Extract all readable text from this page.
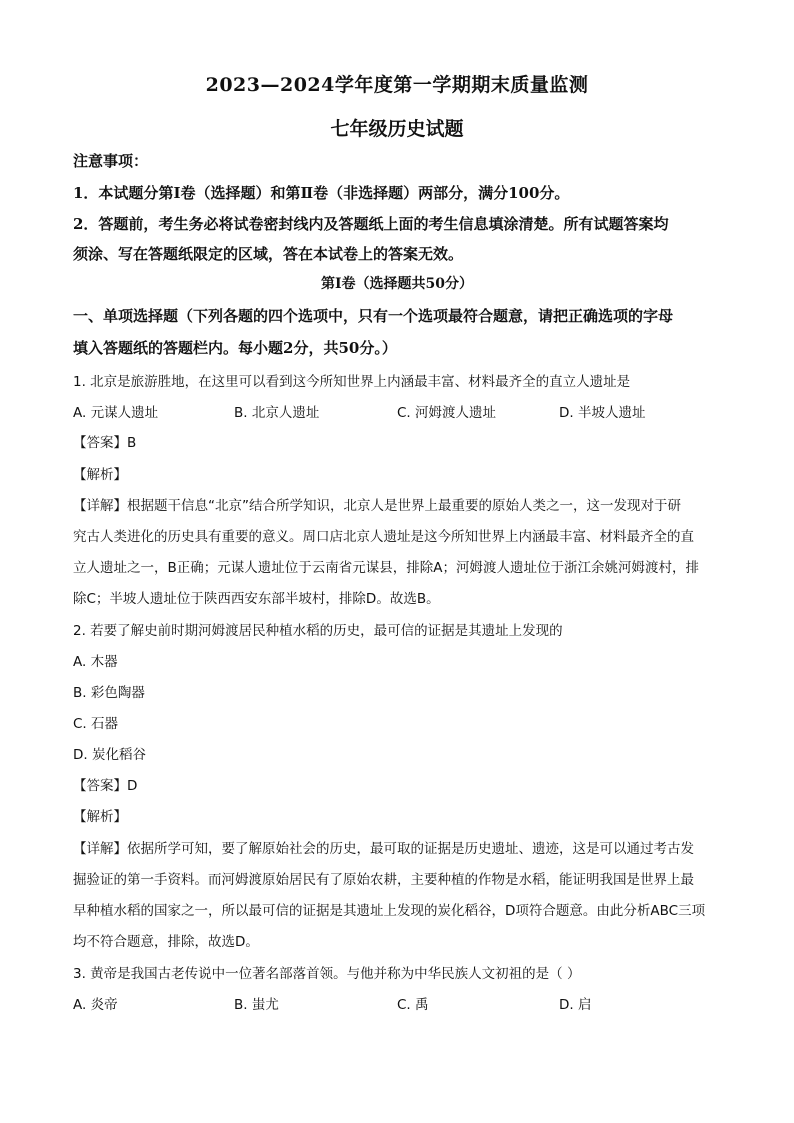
2023—2024学年度第一学期期末质量监测
七年级历史试题
注意事项：
1．本试题分第Ⅰ卷（选择题）和第Ⅱ卷（非选择题）两部分，满分100分。
2．答题前，考生务必将试卷密封线内及答题纸上面的考生信息填涂清楚。所有试题答案均
须涂、写在答题纸限定的区域，答在本试卷上的答案无效。
第Ⅰ卷（选择题共50分）
一、单项选择题（下列各题的四个选项中，只有一个选项最符合题意，请把正确选项的字母
填入答题纸的答题栏内。每小题2分，共50分。）
1. 北京是旅游胜地，在这里可以看到这今所知世界上内涵最丰富、材料最齐全的直立人遗址是
A. 元谋人遗址	B. 北京人遗址	C. 河姆渡人遗址	D. 半坡人遗址
【答案】B
【解析】
【详解】根据题干信息“北京”结合所学知识，北京人是世界上最重要的原始人类之一，这一发现对于研
究古人类进化的历史具有重要的意义。周口店北京人遗址是这今所知世界上内涵最丰富、材料最齐全的直
立人遗址之一，B正确；元谋人遗址位于云南省元谋县，排除A；河姆渡人遗址位于浙江余姚河姆渡村，排
除C；半坡人遗址位于陕西西安东部半坡村，排除D。故选B。
2. 若要了解史前时期河姆渡居民种植水稻的历史，最可信的证据是其遗址上发现的
A. 木器
B. 彩色陶器
C. 石器
D. 炭化稻谷
【答案】D
【解析】
【详解】依据所学可知，要了解原始社会的历史，最可取的证据是历史遗址、遗迹，这是可以通过考古发
掘验证的第一手资料。而河姆渡原始居民有了原始农耕，主要种植的作物是水稻，能证明我国是世界上最
早种植水稻的国家之一，所以最可信的证据是其遗址上发现的炭化稻谷，D项符合题意。由此分析ABC三项
均不符合题意，排除，故选D。
3. 黄帝是我国古老传说中一位著名部落首领。与他并称为中华民族人文初祖的是（ ）
A. 炎帝	B. 蚩尤	C. 禹	D. 启
